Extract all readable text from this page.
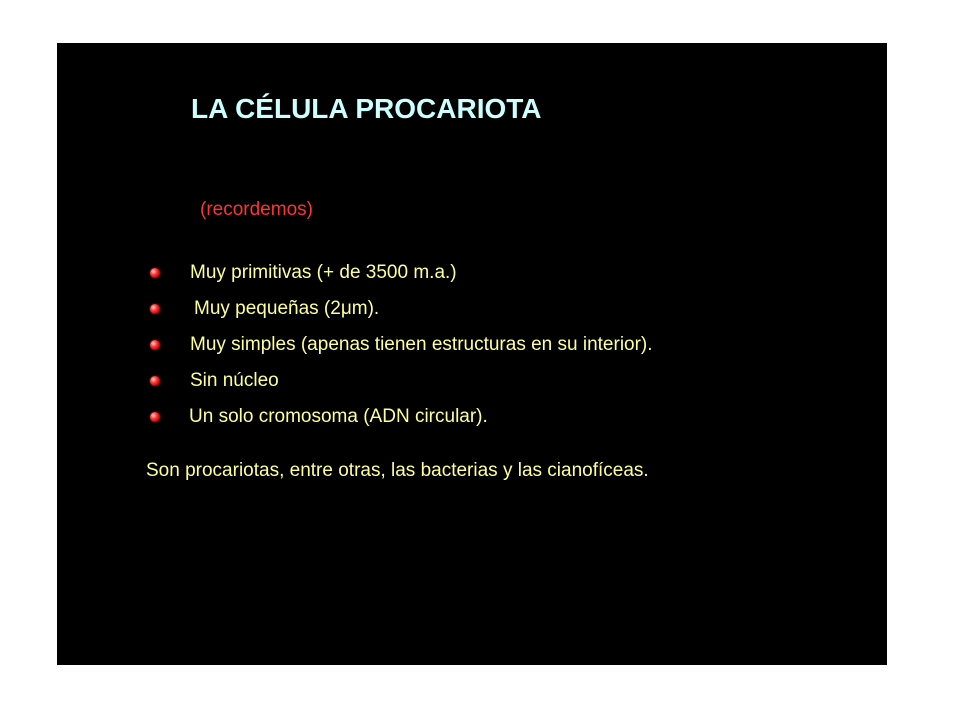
LA CÉLULA PROCARIOTA

(recordemos)

Muy primitivas (+ de 3500 m.a.)
Muy pequeñas (2μm).
Muy simples (apenas tienen estructuras en su interior).
Sin núcleo
Un solo cromosoma (ADN circular).

Son procariotas, entre otras, las bacterias y las cianofíceas.
